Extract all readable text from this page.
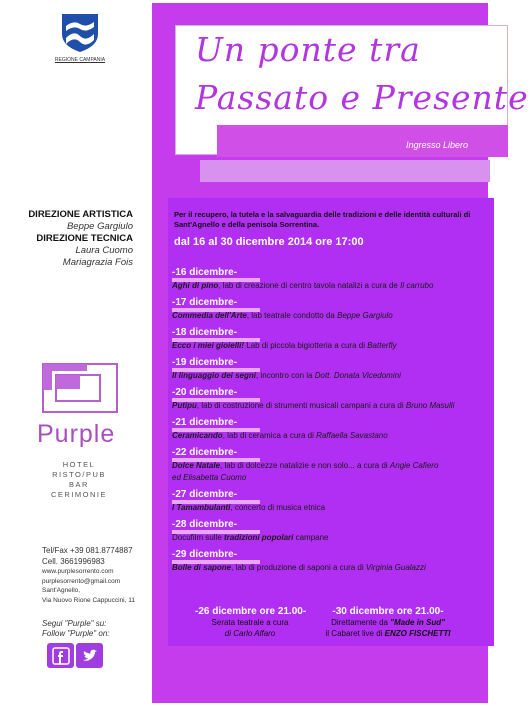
REGIONE CAMPANIA	Un ponte tra
Passato e Presente
Ingresso Libero
DIREZIONE ARTISTICA
Beppe Gargiulo
DIREZIONE TECNICA
Laura Cuomo
Mariagrazia Fois
Purple
HOTEL
RISTO/PUB
BAR
CERIMONIE
Tel/Fax +39 081.8774887
Cell. 3661996983
www.purplesorrento.com
purplesorrento@gmail.com
Sant'Agnello,
Via Nuovo Rione Cappuccini, 11
Segui "Purple" su:
Follow "Purple" on:
Per il recupero, la tutela e la salvaguardia delle tradizioni e delle identità culturali di Sant'Agnello e della penisola Sorrentina.
dal 16 al 30 dicembre 2014 ore 17:00
-16 dicembre-
Aghi di pino, lab di creazione di centro tavola natalizi a cura de Il carrubo
-17 dicembre-
Commedia dell'Arte, lab teatrale condotto da Beppe Gargiulo
-18 dicembre-
Ecco i miei gioielli! Lab di piccola bigiotteria a cura di Batterfly
-19 dicembre-
Il linguaggio dei segni, incontro con la Dott. Donata Vicedomini
-20 dicembre-
Putipu, lab di costruzione di strumenti musicali campani a cura di Bruno Masulli
-21 dicembre-
Ceramicando, lab di ceramica a cura di Raffaella Savastano
-22 dicembre-
Dolce Natale, lab di dolcezze natalizie e non solo... a cura di Angie Cafiero
ed Elisabetta Cuomo
-27 dicembre-
I Tamambulanti, concerto di musica etnica
-28 dicembre-
Docufilm sulle tradizioni popolari campane
-29 dicembre-
Bolle di sapone, lab di produzione di saponi a cura di Virginia Gualazzi
-26 dicembre ore 21.00-
Serata teatrale a cura
di Carlo Alfaro
-30 dicembre ore 21.00-
Direttamente da "Made in Sud"
il Cabaret live di ENZO FISCHETTI
